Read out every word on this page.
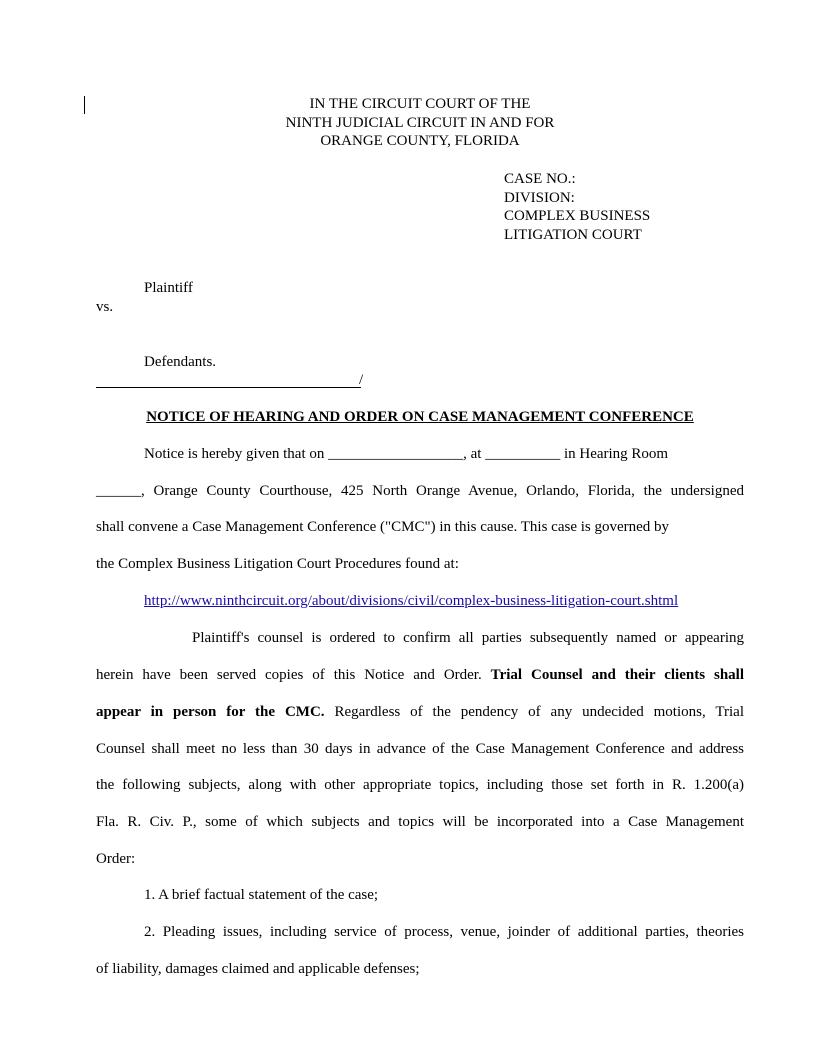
IN THE CIRCUIT COURT OF THE
NINTH JUDICIAL CIRCUIT IN AND FOR
ORANGE COUNTY, FLORIDA
CASE NO.:
DIVISION:
COMPLEX BUSINESS
LITIGATION COURT
Plaintiff
vs.
Defendants.
/
NOTICE OF HEARING AND ORDER ON CASE MANAGEMENT CONFERENCE
Notice is hereby given that on __________________, at __________ in Hearing Room
______, Orange County Courthouse, 425 North Orange Avenue, Orlando, Florida, the undersigned
shall convene a Case Management Conference ("CMC") in this cause. This case is governed by
the Complex Business Litigation Court Procedures found at:
http://www.ninthcircuit.org/about/divisions/civil/complex-business-litigation-court.shtml
Plaintiff's counsel is ordered to confirm all parties subsequently named or appearing
herein have been served copies of this Notice and Order. Trial Counsel and their clients shall
appear in person for the CMC. Regardless of the pendency of any undecided motions, Trial
Counsel shall meet no less than 30 days in advance of the Case Management Conference and address
the following subjects, along with other appropriate topics, including those set forth in R. 1.200(a)
Fla. R. Civ. P., some of which subjects and topics will be incorporated into a Case Management
Order:
1. A brief factual statement of the case;
2. Pleading issues, including service of process, venue, joinder of additional parties, theories
of liability, damages claimed and applicable defenses;
